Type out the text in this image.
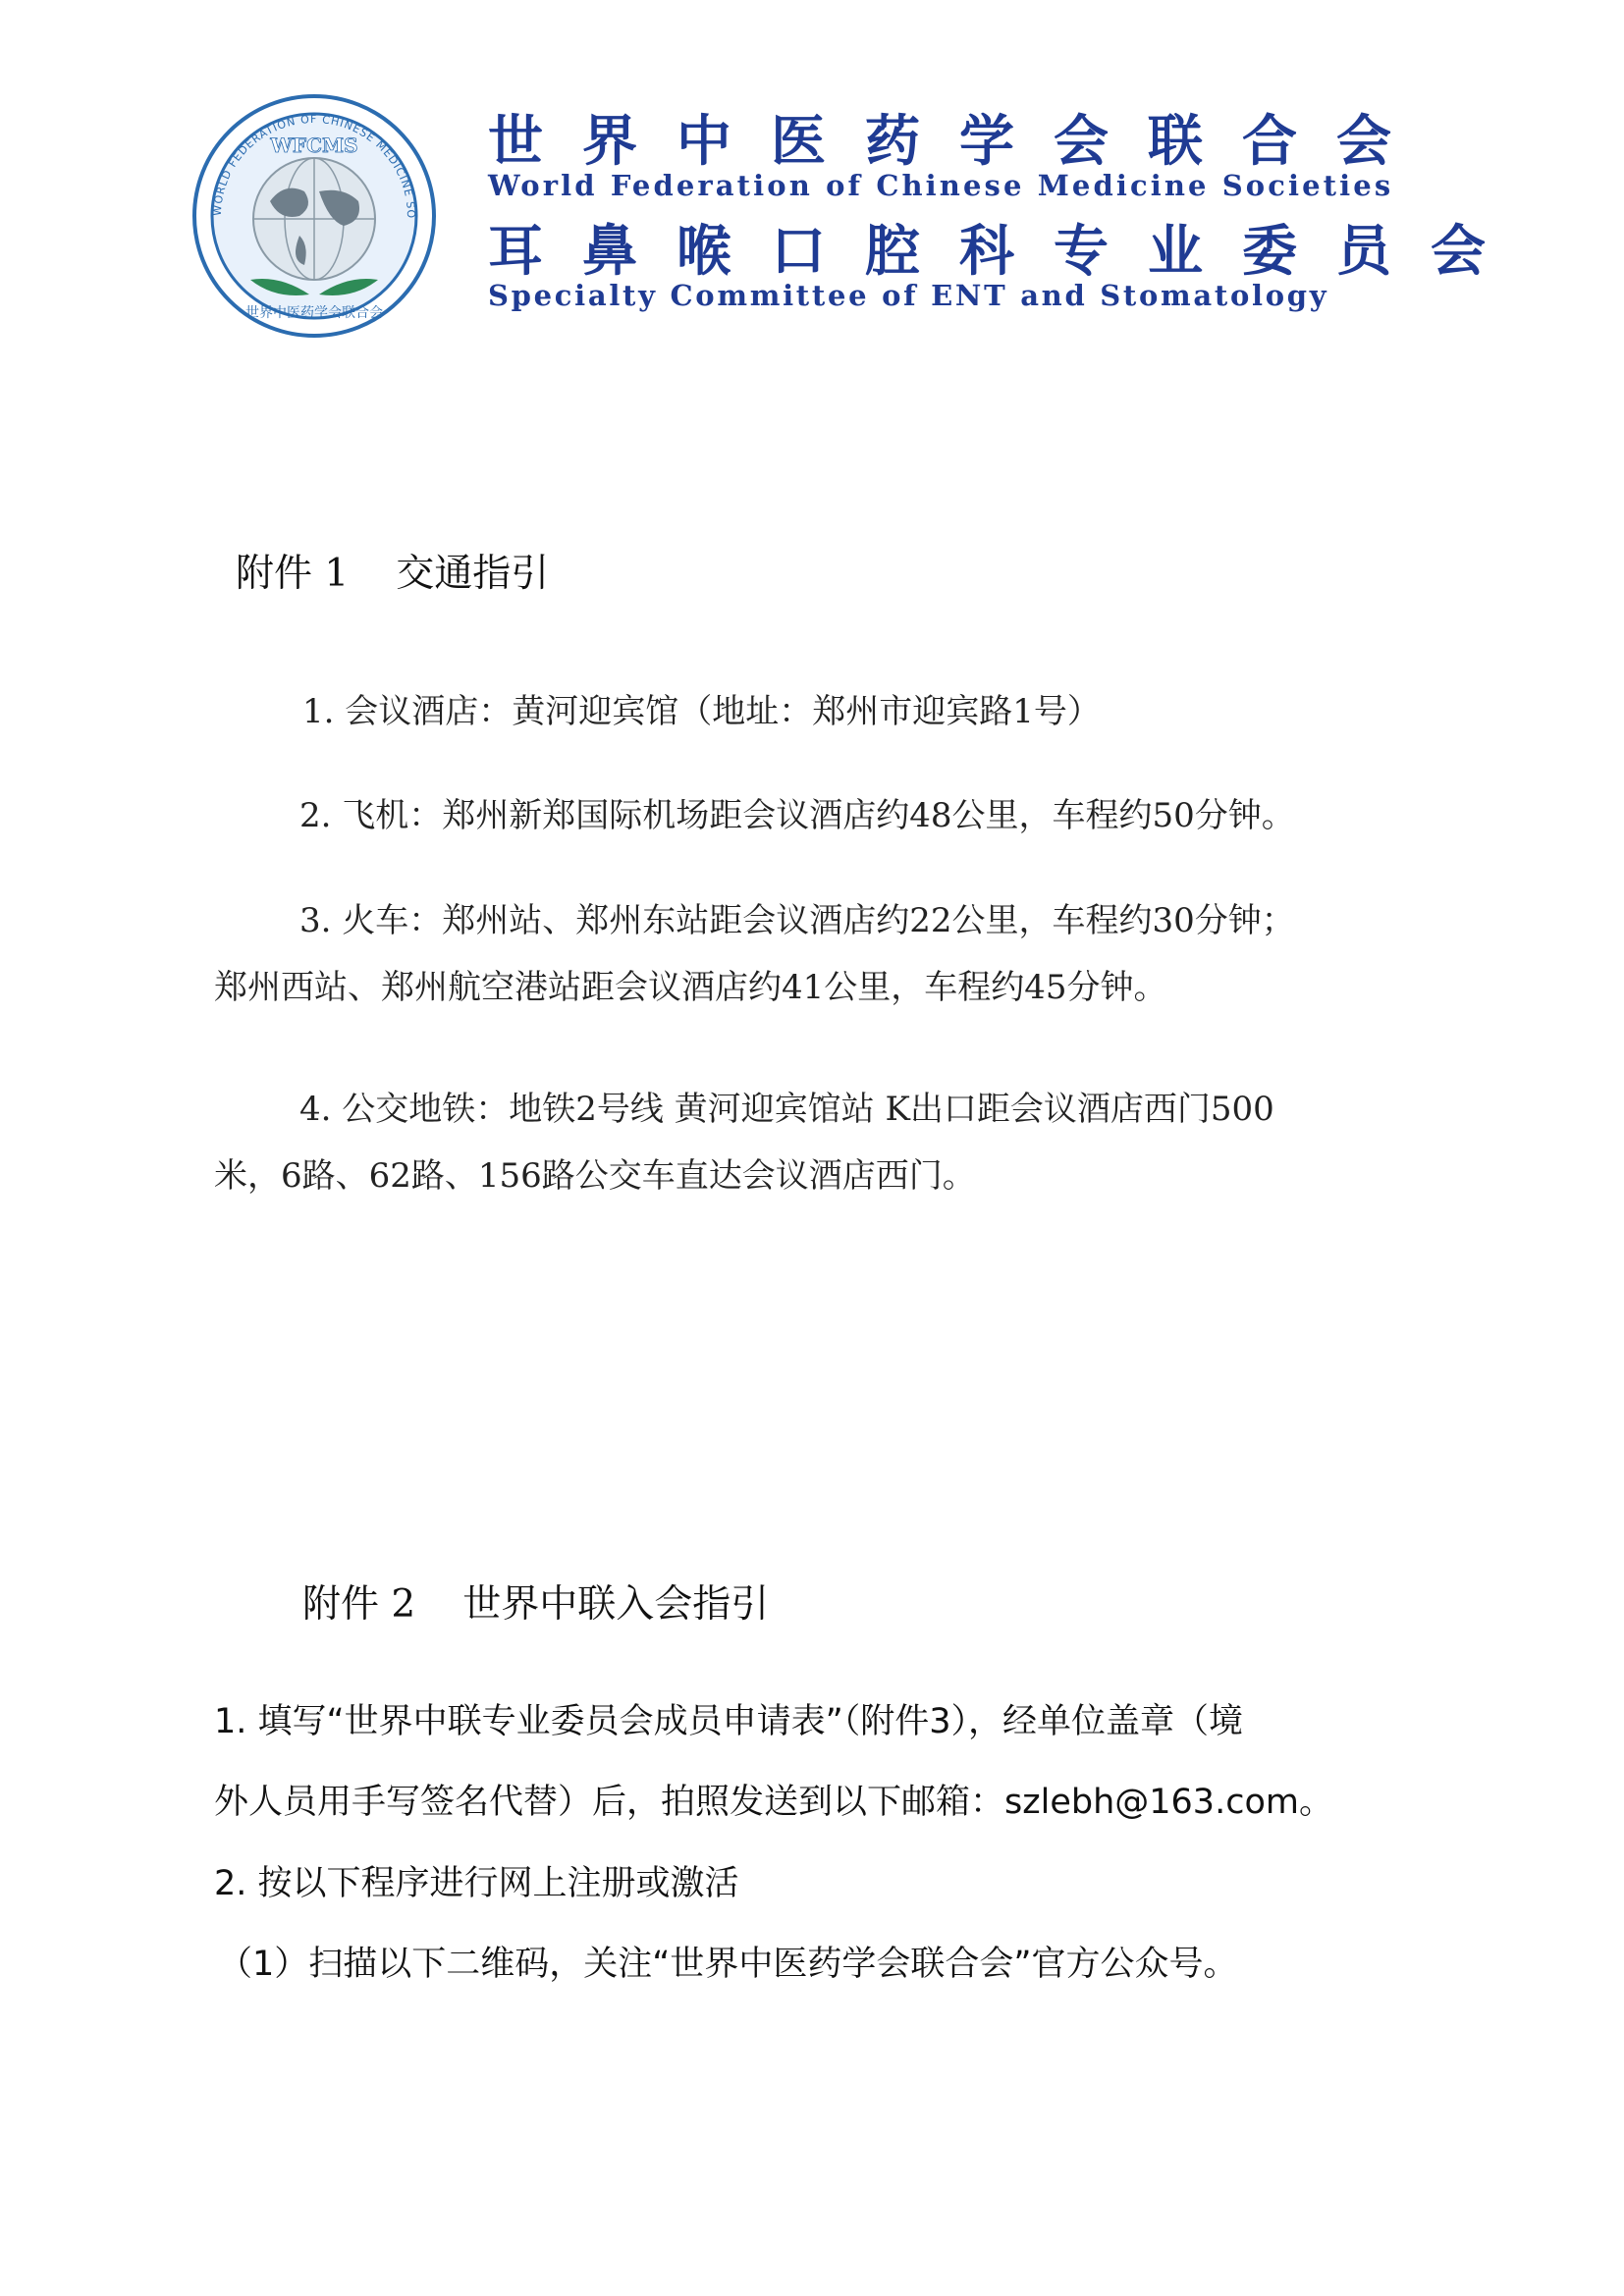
WORLD FEDERATION OF CHINESE MEDICINE SO
WFCMS
世界中医药学会联合会
世界中医药学会联合会
World Federation of Chinese Medicine Societies
耳鼻喉口腔科专业委员会
Specialty Committee of ENT and Stomatology
附件 1 交通指引
1. 会议酒店：黄河迎宾馆（地址：郑州市迎宾路1号）
2. 飞机：郑州新郑国际机场距会议酒店约48公里，车程约50分钟。
3. 火车：郑州站、郑州东站距会议酒店约22公里，车程约30分钟；
郑州西站、郑州航空港站距会议酒店约41公里，车程约45分钟。
4. 公交地铁：地铁2号线 黄河迎宾馆站 K出口距会议酒店西门500
米，6路、62路、156路公交车直达会议酒店西门。
附件 2 世界中联入会指引
1. 填写“世界中联专业委员会成员申请表”（附件3），经单位盖章（境
外人员用手写签名代替）后，拍照发送到以下邮箱：szlebh@163.com。
2. 按以下程序进行网上注册或激活
（1）扫描以下二维码，关注“世界中医药学会联合会”官方公众号。
